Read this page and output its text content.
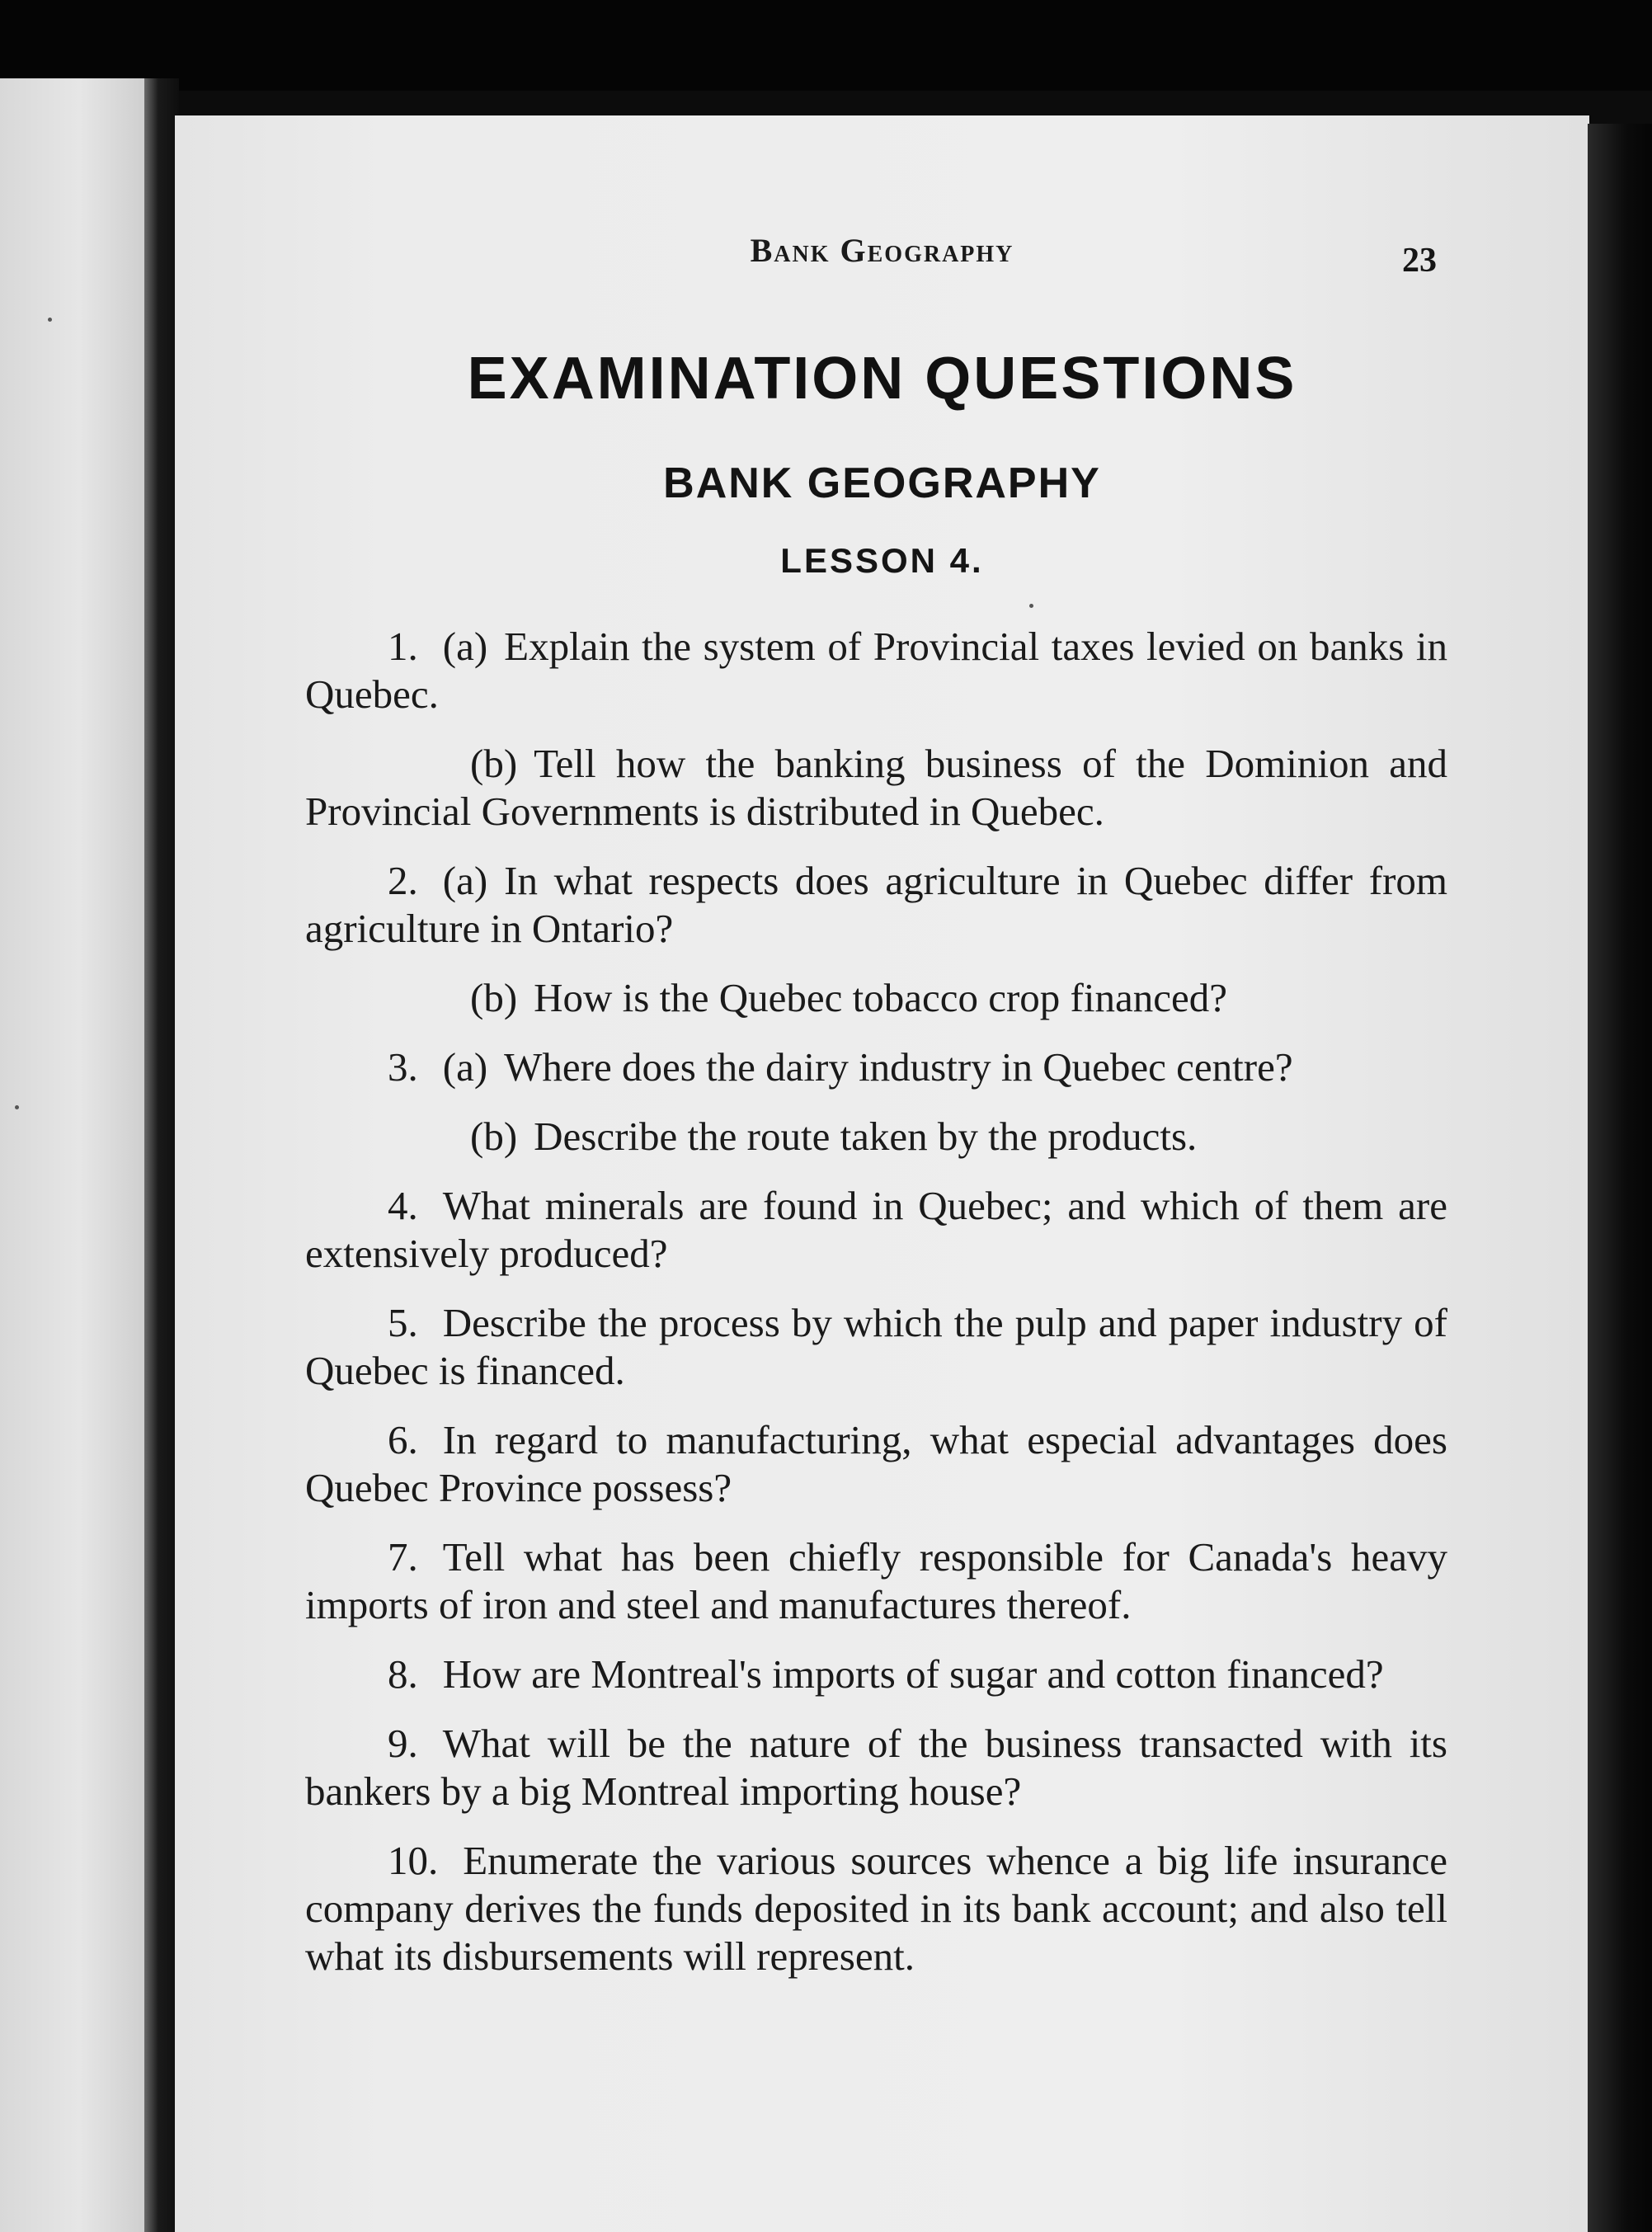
Bank Geography	23
EXAMINATION QUESTIONS
BANK GEOGRAPHY
LESSON 4.

1. (a) Explain the system of Provincial taxes levied on banks in Quebec.

(b) Tell how the banking business of the Dominion and Provincial Governments is distributed in Quebec.

2. (a) In what respects does agriculture in Quebec differ from agriculture in Ontario?

(b) How is the Quebec tobacco crop financed?

3. (a) Where does the dairy industry in Quebec centre?

(b) Describe the route taken by the products.

4. What minerals are found in Quebec; and which of them are extensively produced?

5. Describe the process by which the pulp and paper industry of Quebec is financed.

6. In regard to manufacturing, what especial advantages does Quebec Province possess?

7. Tell what has been chiefly responsible for Canada's heavy imports of iron and steel and manufactures thereof.

8. How are Montreal's imports of sugar and cotton financed?

9. What will be the nature of the business transacted with its bankers by a big Montreal importing house?

10. Enumerate the various sources whence a big life insurance company derives the funds deposited in its bank account; and also tell what its disbursements will represent.
